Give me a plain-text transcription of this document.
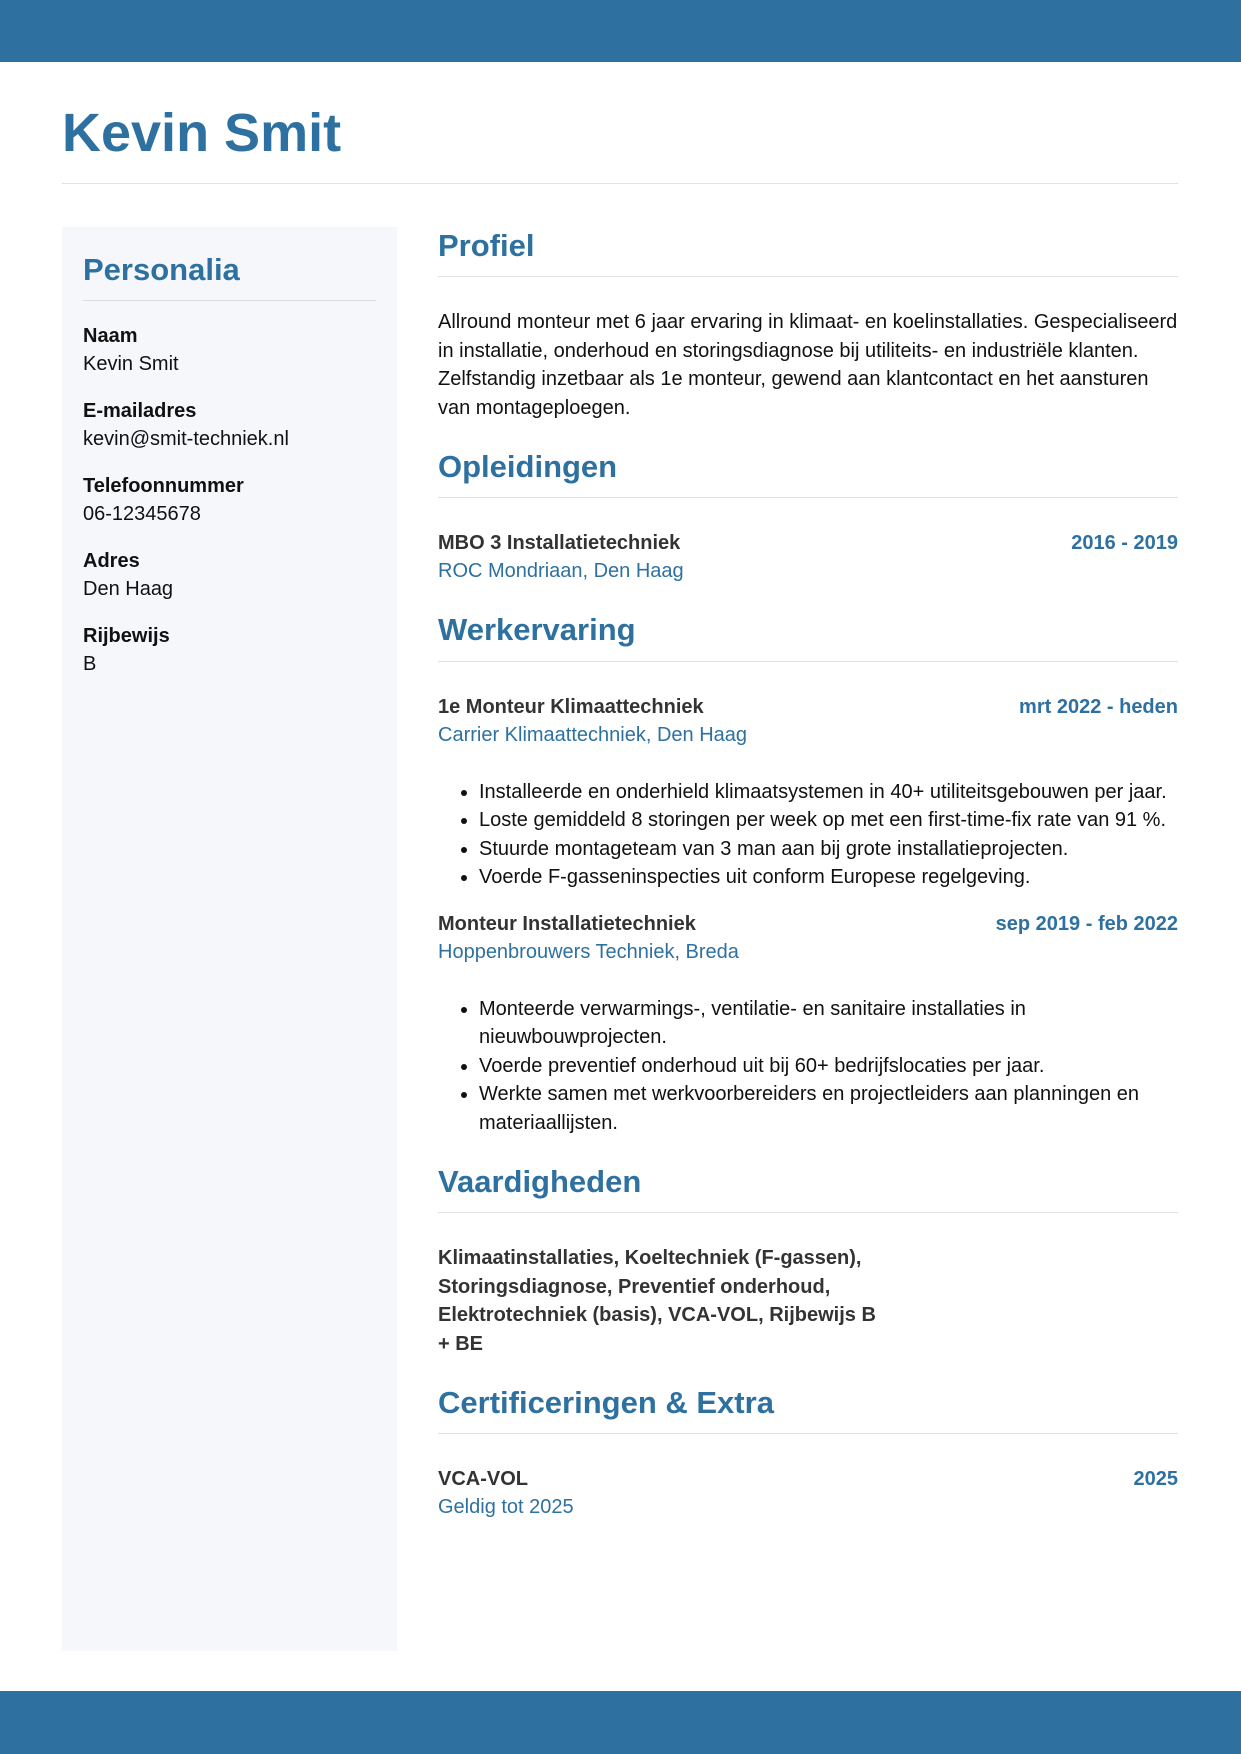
Kevin Smit
Personalia
Naam
Kevin Smit
E-mailadres
kevin@smit-techniek.nl
Telefoonnummer
06-12345678
Adres
Den Haag
Rijbewijs
B
Profiel

Allround monteur met 6 jaar ervaring in klimaat- en koelinstallaties. Gespecialiseerd in installatie, onderhoud en storingsdiagnose bij utiliteits- en industriële klanten. Zelfstandig inzetbaar als 1e monteur, gewend aan klantcontact en het aansturen van montageploegen.

Opleidingen
MBO 3 Installatietechniek	2016 - 2019
ROC Mondriaan, Den Haag
Werkervaring
1e Monteur Klimaattechniek	mrt 2022 - heden
Carrier Klimaattechniek, Den Haag
• Installeerde en onderhield klimaatsystemen in 40+ utiliteitsgebouwen per jaar.
• Loste gemiddeld 8 storingen per week op met een first-time-fix rate van 91 %.
• Stuurde montageteam van 3 man aan bij grote installatieprojecten.
• Voerde F-gasseninspecties uit conform Europese regelgeving.
Monteur Installatietechniek	sep 2019 - feb 2022
Hoppenbrouwers Techniek, Breda
• Monteerde verwarmings-, ventilatie- en sanitaire installaties in nieuwbouwprojecten.
• Voerde preventief onderhoud uit bij 60+ bedrijfslocaties per jaar.
• Werkte samen met werkvoorbereiders en projectleiders aan planningen en materiaallijsten.
Vaardigheden

Klimaatinstallaties, Koeltechniek (F-gassen), Storingsdiagnose, Preventief onderhoud, Elektrotechniek (basis), VCA-VOL, Rijbewijs B + BE

Certificeringen & Extra
VCA-VOL	2025
Geldig tot 2025
